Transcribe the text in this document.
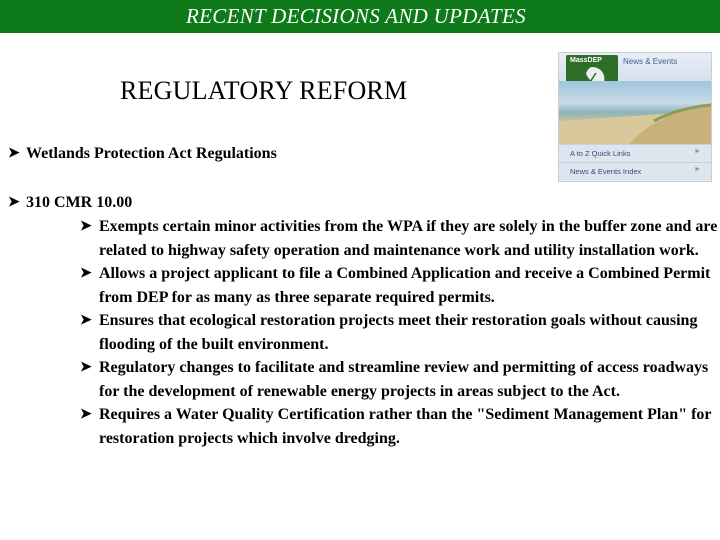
RECENT DECISIONS AND UPDATES
REGULATORY REFORM
➤ Wetlands Protection Act Regulations
➤ 310 CMR 10.00
➤ Exempts certain minor activities from the WPA if they are solely in the buffer zone and are related to highway safety operation and maintenance work and utility installation work.
➤ Allows a project applicant to file a Combined Application and receive a Combined Permit from DEP for as many as three separate required permits.
➤ Ensures that ecological restoration projects meet their restoration goals without causing flooding of the built environment.
➤ Regulatory changes to facilitate and streamline review and permitting of access roadways for the development of renewable energy projects in areas subject to the Act.
➤ Requires a Water Quality Certification rather than the "Sediment Management Plan" for restoration projects which involve dredging.
MassDEP	News & Events
A to Z Quick Links	►
News & Events Index	►
